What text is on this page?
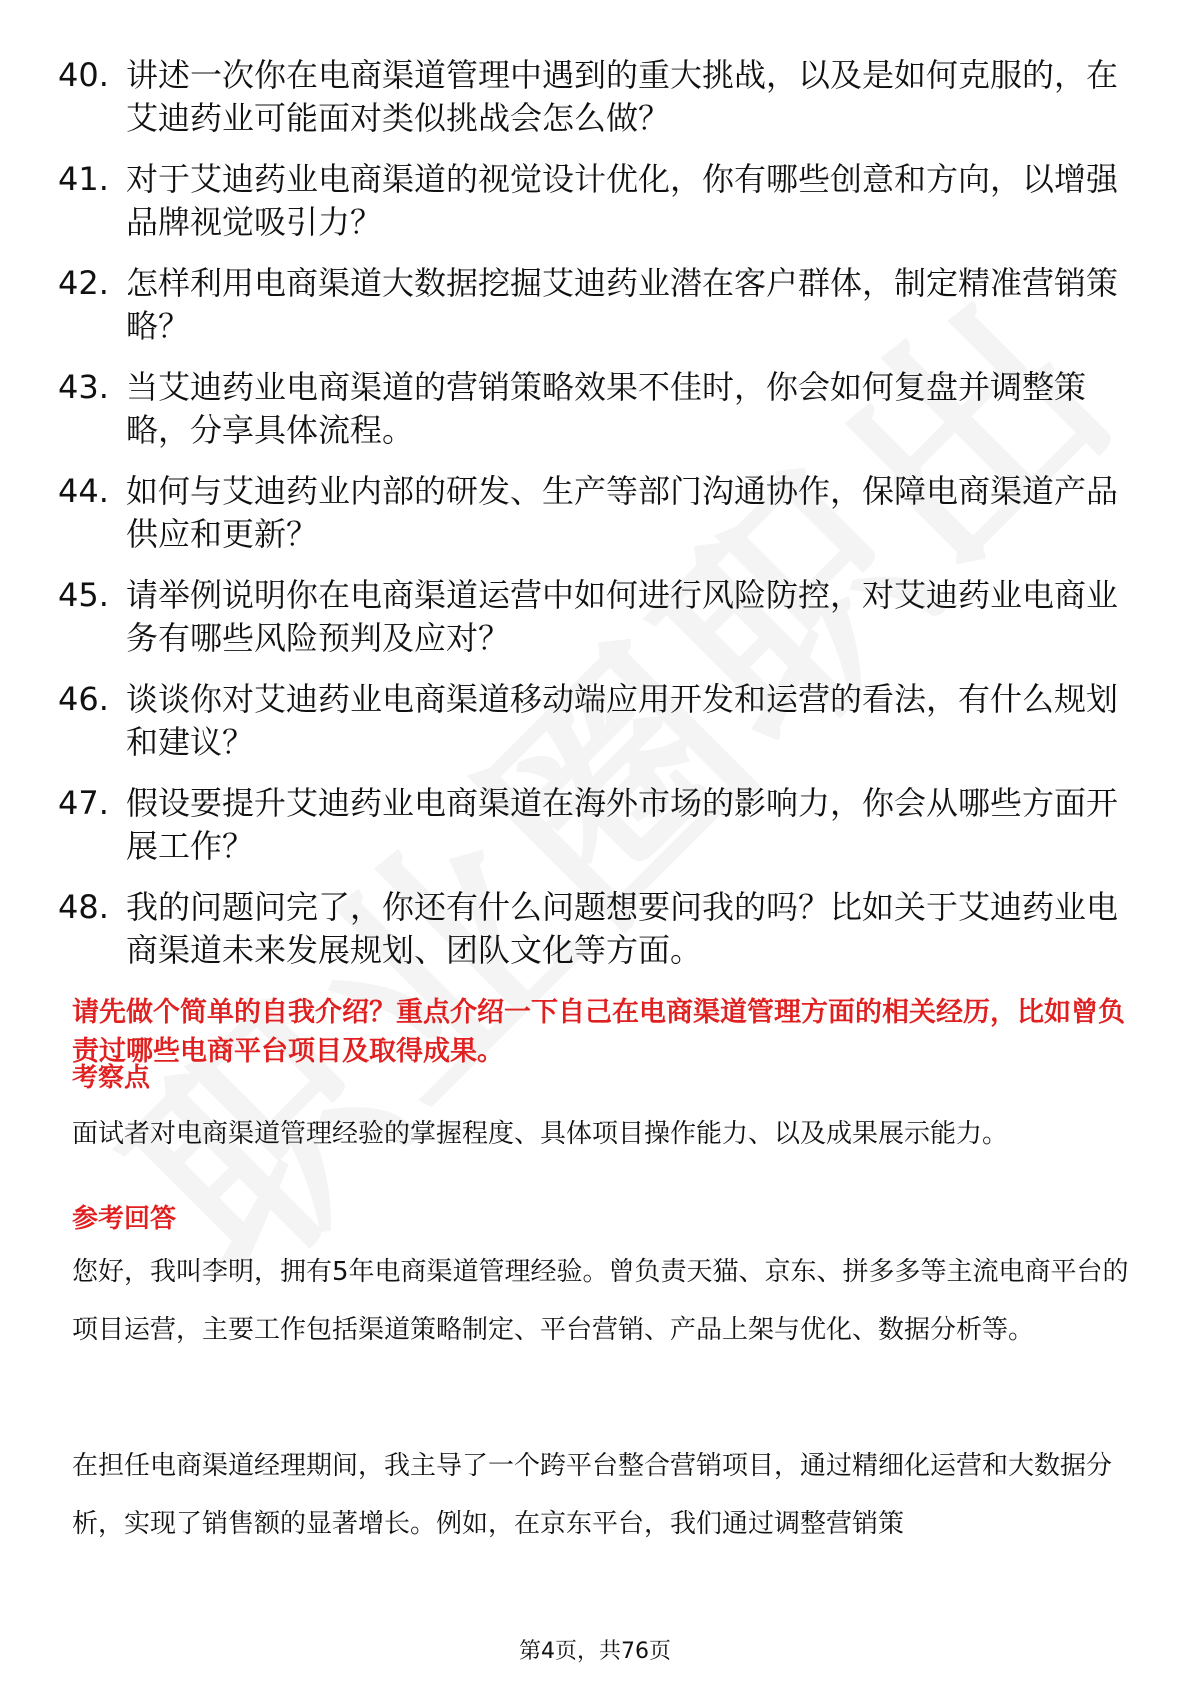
40. 讲述一次你在电商渠道管理中遇到的重大挑战，以及是如何克服的，在艾迪药业可能面对类似挑战会怎么做？
41. 对于艾迪药业电商渠道的视觉设计优化，你有哪些创意和方向，以增强品牌视觉吸引力？
42. 怎样利用电商渠道大数据挖掘艾迪药业潜在客户群体，制定精准营销策略？
43. 当艾迪药业电商渠道的营销策略效果不佳时，你会如何复盘并调整策略，分享具体流程。
44. 如何与艾迪药业内部的研发、生产等部门沟通协作，保障电商渠道产品供应和更新？
45. 请举例说明你在电商渠道运营中如何进行风险防控，对艾迪药业电商业务有哪些风险预判及应对？
46. 谈谈你对艾迪药业电商渠道移动端应用开发和运营的看法，有什么规划和建议？
47. 假设要提升艾迪药业电商渠道在海外市场的影响力，你会从哪些方面开展工作？
48. 我的问题问完了，你还有什么问题想要问我的吗？比如关于艾迪药业电商渠道未来发展规划、团队文化等方面。
请先做个简单的自我介绍？重点介绍一下自己在电商渠道管理方面的相关经历，比如曾负责过哪些电商平台项目及取得成果。
考察点
面试者对电商渠道管理经验的掌握程度、具体项目操作能力、以及成果展示能力。
参考回答
您好，我叫李明，拥有5年电商渠道管理经验。曾负责天猫、京东、拼多多等主流电商平台的项目运营，主要工作包括渠道策略制定、平台营销、产品上架与优化、数据分析等。
在担任电商渠道经理期间，我主导了一个跨平台整合营销项目，通过精细化运营和大数据分析，实现了销售额的显著增长。例如，在京东平台，我们通过调整营销策
第4页，共76页
